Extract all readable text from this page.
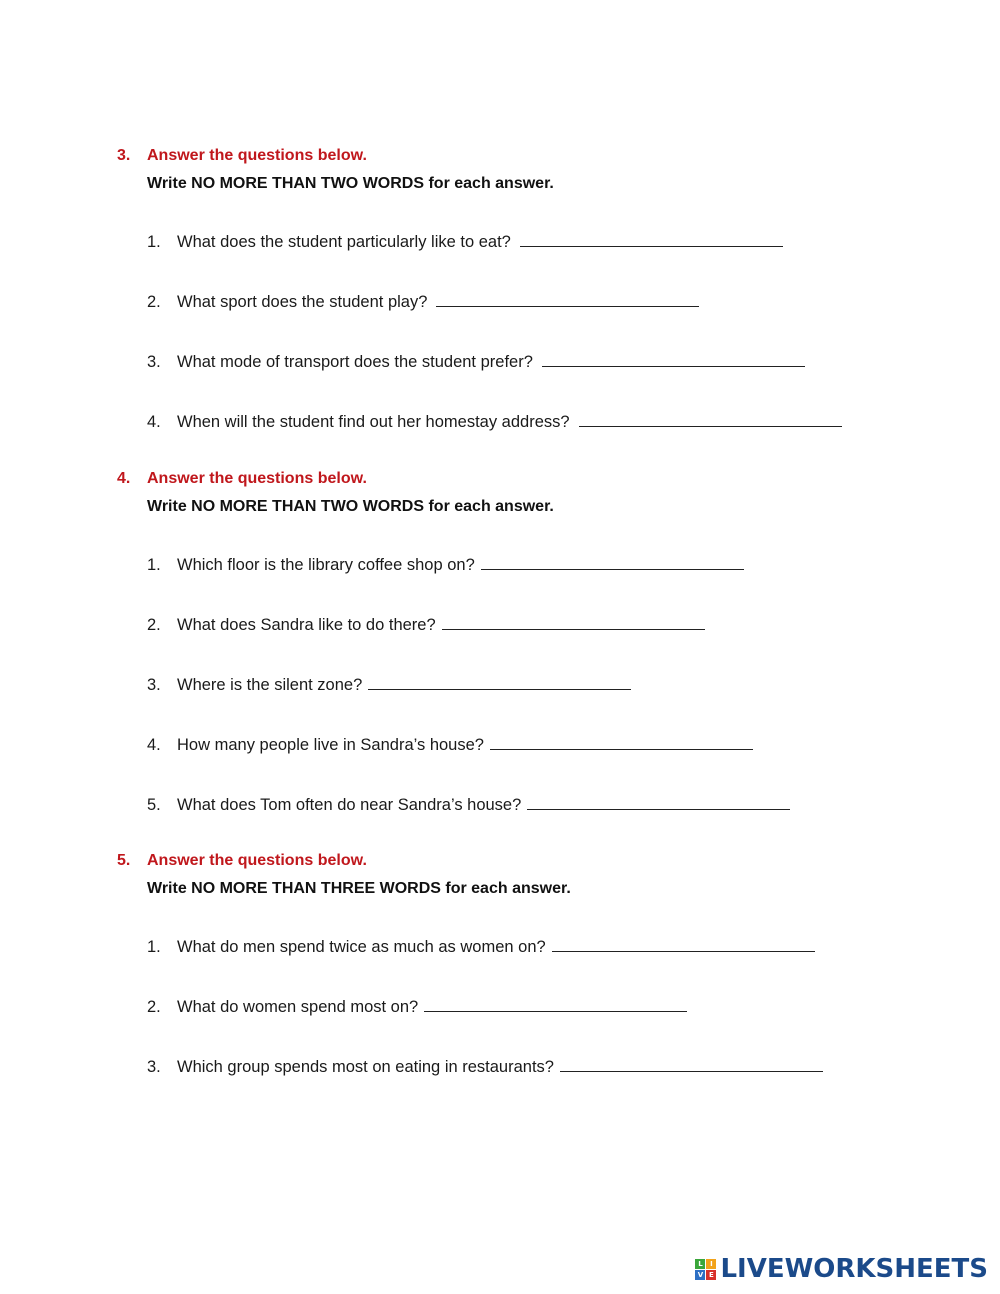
3. Answer the questions below.
Write NO MORE THAN TWO WORDS for each answer.
1. What does the student particularly like to eat?
2. What sport does the student play?
3. What mode of transport does the student prefer?
4. When will the student find out her homestay address?
4. Answer the questions below.
Write NO MORE THAN TWO WORDS for each answer.
1. Which floor is the library coffee shop on?
2. What does Sandra like to do there?
3. Where is the silent zone?
4. How many people live in Sandra’s house?
5. What does Tom often do near Sandra’s house?
5. Answer the questions below.
Write NO MORE THAN THREE WORDS for each answer.
1. What do men spend twice as much as women on?
2. What do women spend most on?
3. Which group spends most on eating in restaurants?
L	I
V E LIVEWORKSHEETS
